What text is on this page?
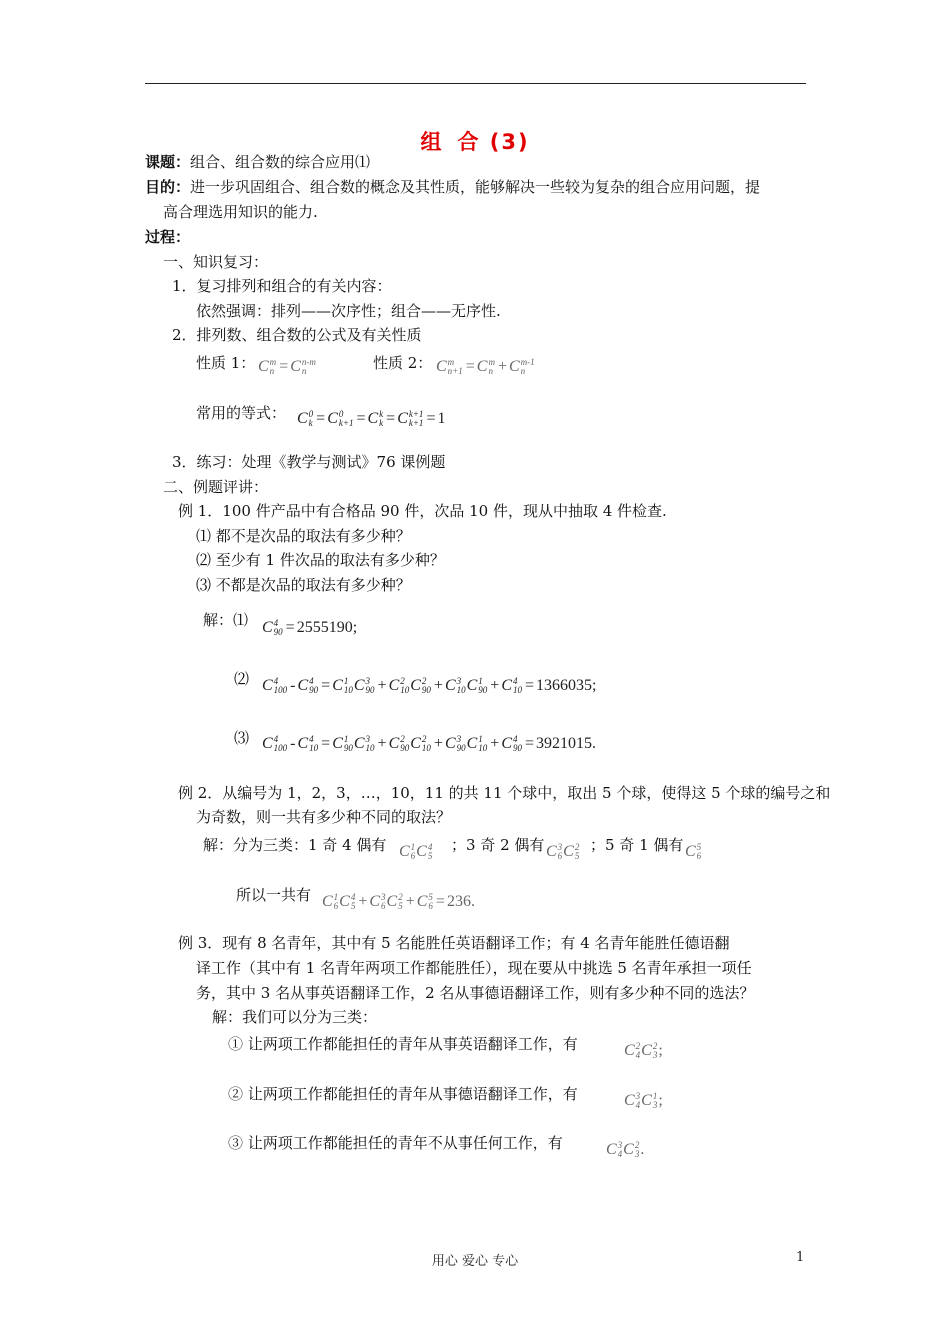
组 合 (3)
课题：组合、组合数的综合应用⑴
目的：进一步巩固组合、组合数的概念及其性质，能够解决一些较为复杂的组合应用问题，提
高合理选用知识的能力.
过程：
一、知识复习：
1．复习排列和组合的有关内容：
依然强调：排列——次序性；组合——无序性.
2．排列数、组合数的公式及有关性质
性质 1： C m
n = C n-m
n	性质 2： C m
n+1 = C m
n + C m-1
n
常用的等式： C 0
k = C 0
k+1 = C k
k = C k+1
k+1 = 1
3．练习：处理《教学与测试》76 课例题
二、例题评讲：
例 1．100 件产品中有合格品 90 件，次品 10 件，现从中抽取 4 件检查.
⑴ 都不是次品的取法有多少种？
⑵ 至少有 1 件次品的取法有多少种？
⑶ 不都是次品的取法有多少种？
解：⑴ C 4
90 = 2555190;
⑵ C 4
100 - C 4
90 = C 1
10 C 3
90 + C 2
10 C 2
90 + C 3
10 C 1
90 + C 4
10 = 1366035;
⑶ C 4
100 - C 4
10 = C 1
90 C 3
10 + C 2
90 C 2
10 + C 3
90 C 1
10 + C 4
90 = 3921015.
例 2．从编号为 1，2，3，…，10，11 的共 11 个球中，取出 5 个球，使得这 5 个球的编号之和
为奇数，则一共有多少种不同的取法？
解：分为三类：1 奇 4 偶有 C 1
6 C 4
5
；3 奇 2 偶有 C 3
6 C 2
5
；5 奇 1 偶有 C 5
6
所以一共有 C 1
6 C 4
5 + C 3
6 C 2
5 + C 5
6 = 236.
例 3．现有 8 名青年，其中有 5 名能胜任英语翻译工作；有 4 名青年能胜任德语翻
译工作（其中有 1 名青年两项工作都能胜任），现在要从中挑选 5 名青年承担一项任
务，其中 3 名从事英语翻译工作，2 名从事德语翻译工作，则有多少种不同的选法？
解：我们可以分为三类：
① 让两项工作都能担任的青年从事英语翻译工作，有	C 2
4 C 2
3 ;
② 让两项工作都能担任的青年从事德语翻译工作，有	C 3
4 C 1
3 ;
③ 让两项工作都能担任的青年不从事任何工作，有	C 3
4 C 2
3 .
用心 爱心 专心	1
